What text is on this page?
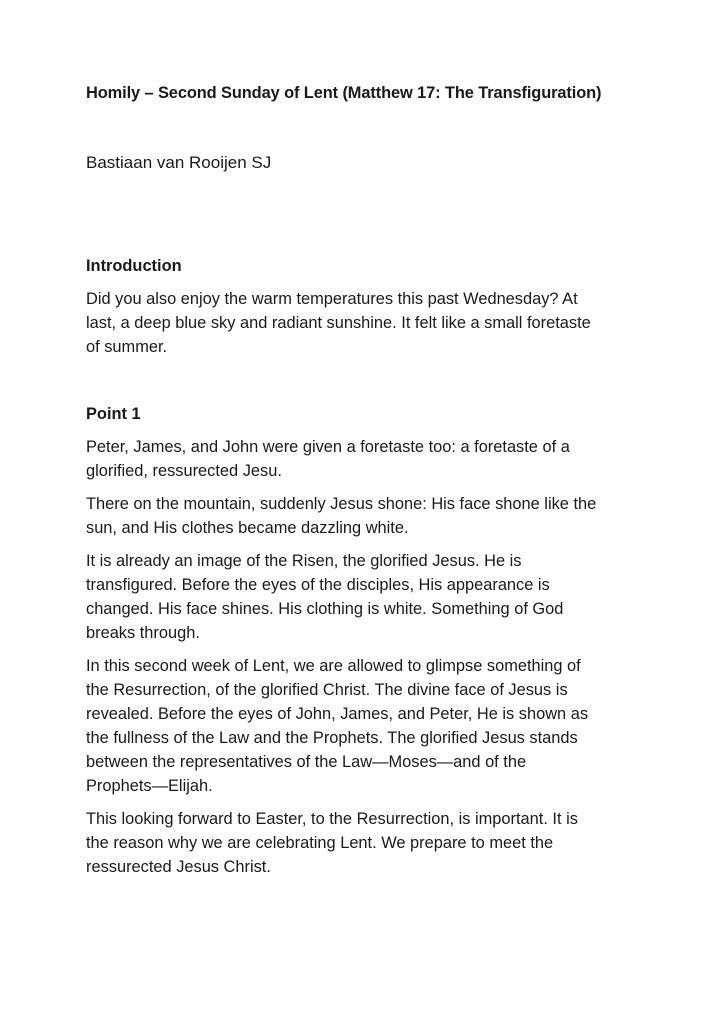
Homily – Second Sunday of Lent (Matthew 17: The Transfiguration)
Bastiaan van Rooijen SJ
Introduction
Did you also enjoy the warm temperatures this past Wednesday? At
last, a deep blue sky and radiant sunshine. It felt like a small foretaste
of summer.
Point 1
Peter, James, and John were given a foretaste too: a foretaste of a
glorified, ressurected Jesu.
There on the mountain, suddenly Jesus shone: His face shone like the
sun, and His clothes became dazzling white.
It is already an image of the Risen, the glorified Jesus. He is
transfigured. Before the eyes of the disciples, His appearance is
changed. His face shines. His clothing is white. Something of God
breaks through.
In this second week of Lent, we are allowed to glimpse something of
the Resurrection, of the glorified Christ. The divine face of Jesus is
revealed. Before the eyes of John, James, and Peter, He is shown as
the fullness of the Law and the Prophets. The glorified Jesus stands
between the representatives of the Law—Moses—and of the
Prophets—Elijah.
This looking forward to Easter, to the Resurrection, is important. It is
the reason why we are celebrating Lent. We prepare to meet the
ressurected Jesus Christ.
